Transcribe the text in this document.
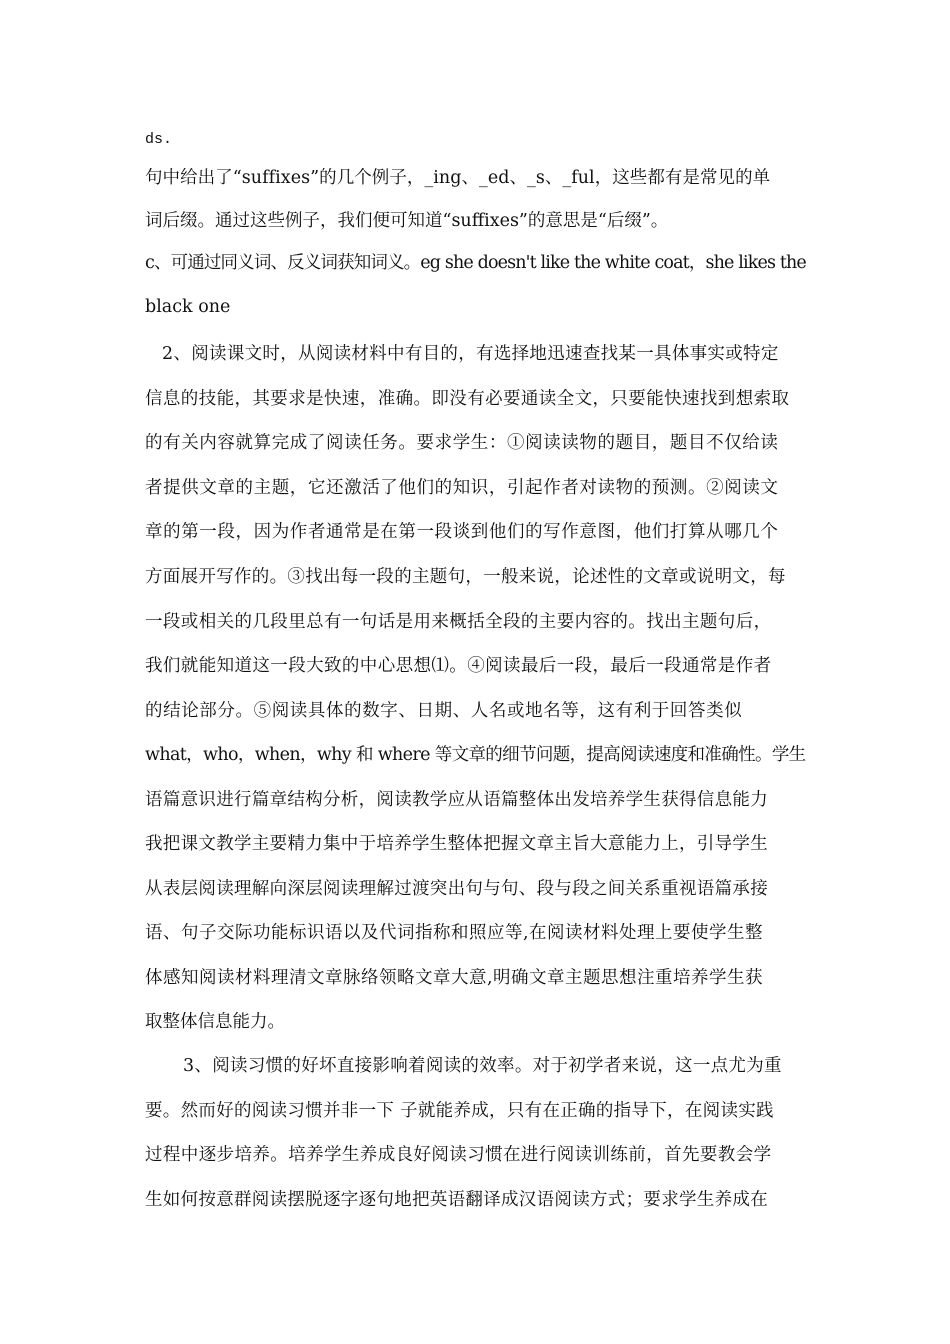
ds.
句中给出了“suffixes”的几个例子，_ing、_ed、_s、_ful，这些都有是常见的单
词后缀。通过这些例子，我们便可知道“suffixes”的意思是“后缀”。
c、可通过同义词、反义词获知词义。eg she doesn't like the white coat，she likes the
black one
2、阅读课文时，从阅读材料中有目的，有选择地迅速查找某一具体事实或特定
信息的技能，其要求是快速，准确。即没有必要通读全文，只要能快速找到想索取
的有关内容就算完成了阅读任务。要求学生：①阅读读物的题目，题目不仅给读
者提供文章的主题，它还激活了他们的知识，引起作者对读物的预测。②阅读文
章的第一段，因为作者通常是在第一段谈到他们的写作意图，他们打算从哪几个
方面展开写作的。③找出每一段的主题句，一般来说，论述性的文章或说明文，每
一段或相关的几段里总有一句话是用来概括全段的主要内容的。找出主题句后，
我们就能知道这一段大致的中心思想⑴。④阅读最后一段，最后一段通常是作者
的结论部分。⑤阅读具体的数字、日期、人名或地名等，这有利于回答类似
what，who，when，why 和 where 等文章的细节问题，提高阅读速度和准确性。学生
语篇意识进行篇章结构分析，阅读教学应从语篇整体出发培养学生获得信息能力
我把课文教学主要精力集中于培养学生整体把握文章主旨大意能力上，引导学生
从表层阅读理解向深层阅读理解过渡突出句与句、段与段之间关系重视语篇承接
语、句子交际功能标识语以及代词指称和照应等,在阅读材料处理上要使学生整
体感知阅读材料理清文章脉络领略文章大意,明确文章主题思想注重培养学生获
取整体信息能力。
3、阅读习惯的好坏直接影响着阅读的效率。对于初学者来说，这一点尤为重
要。然而好的阅读习惯并非一下 子就能养成，只有在正确的指导下，在阅读实践
过程中逐步培养。培养学生养成良好阅读习惯在进行阅读训练前，首先要教会学
生如何按意群阅读摆脱逐字逐句地把英语翻译成汉语阅读方式；要求学生养成在
